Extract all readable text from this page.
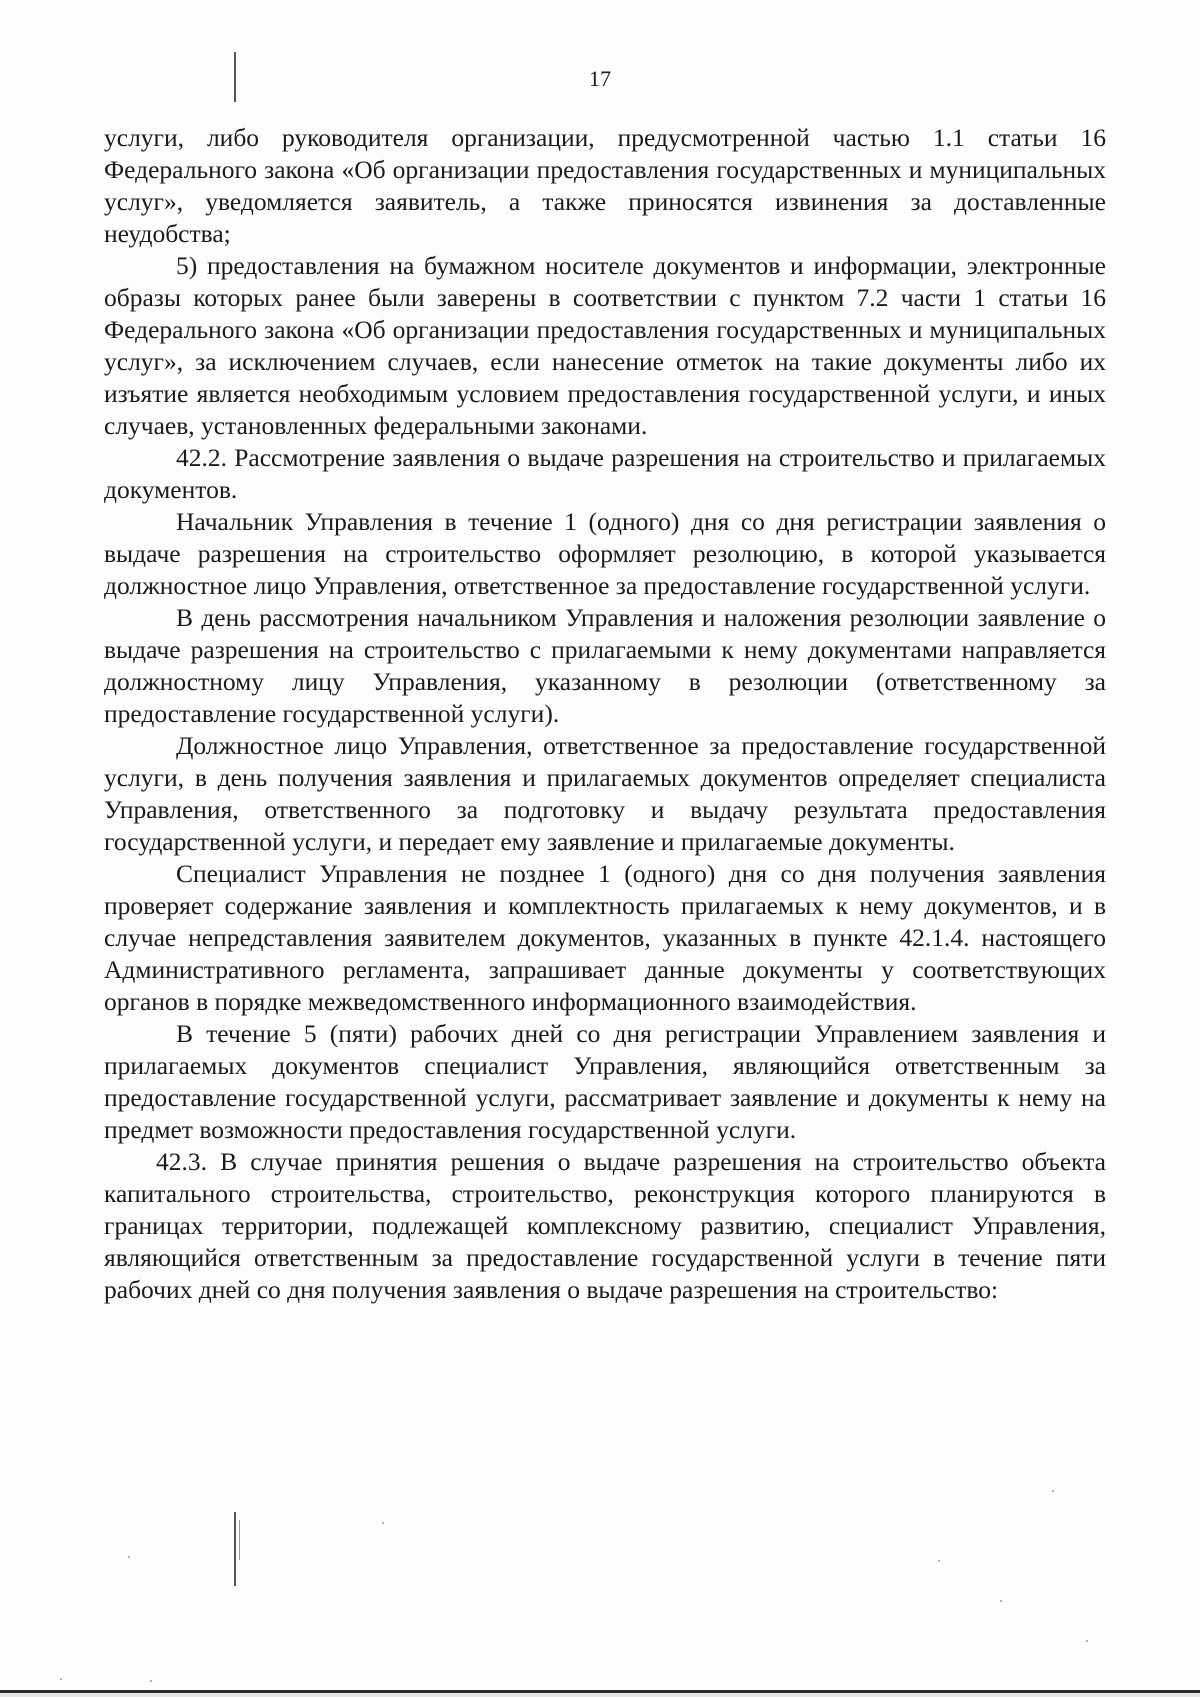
17

услуги, либо руководителя организации, предусмотренной частью 1.1 статьи 16 Федерального закона «Об организации предоставления государственных и муниципальных услуг», уведомляется заявитель, а также приносятся извинения за доставленные неудобства;

5) предоставления на бумажном носителе документов и информации, электронные образы которых ранее были заверены в соответствии с пунктом 7.2 части 1 статьи 16 Федерального закона «Об организации предоставления государственных и муниципальных услуг», за исключением случаев, если нанесение отметок на такие документы либо их изъятие является необходимым условием предоставления государственной услуги, и иных случаев, установленных федеральными законами.

42.2. Рассмотрение заявления о выдаче разрешения на строительство и прилагаемых документов.

Начальник Управления в течение 1 (одного) дня со дня регистрации заявления о выдаче разрешения на строительство оформляет резолюцию, в которой указывается должностное лицо Управления, ответственное за предоставление государственной услуги.

В день рассмотрения начальником Управления и наложения резолюции заявление о выдаче разрешения на строительство с прилагаемыми к нему документами направляется должностному лицу Управления, указанному в резолюции (ответственному за предоставление государственной услуги).

Должностное лицо Управления, ответственное за предоставление государственной услуги, в день получения заявления и прилагаемых документов определяет специалиста Управления, ответственного за подготовку и выдачу результата предоставления государственной услуги, и передает ему заявление и прилагаемые документы.

Специалист Управления не позднее 1 (одного) дня со дня получения заявления проверяет содержание заявления и комплектность прилагаемых к нему документов, и в случае непредставления заявителем документов, указанных в пункте 42.1.4. настоящего Административного регламента, запрашивает данные документы у соответствующих органов в порядке межведомственного информационного взаимодействия.

В течение 5 (пяти) рабочих дней со дня регистрации Управлением заявления и прилагаемых документов специалист Управления, являющийся ответственным за предоставление государственной услуги, рассматривает заявление и документы к нему на предмет возможности предоставления государственной услуги.

42.3. В случае принятия решения о выдаче разрешения на строительство объекта капитального строительства, строительство, реконструкция которого планируются в границах территории, подлежащей комплексному развитию, специалист Управления, являющийся ответственным за предоставление государственной услуги в течение пяти рабочих дней со дня получения заявления о выдаче разрешения на строительство:
